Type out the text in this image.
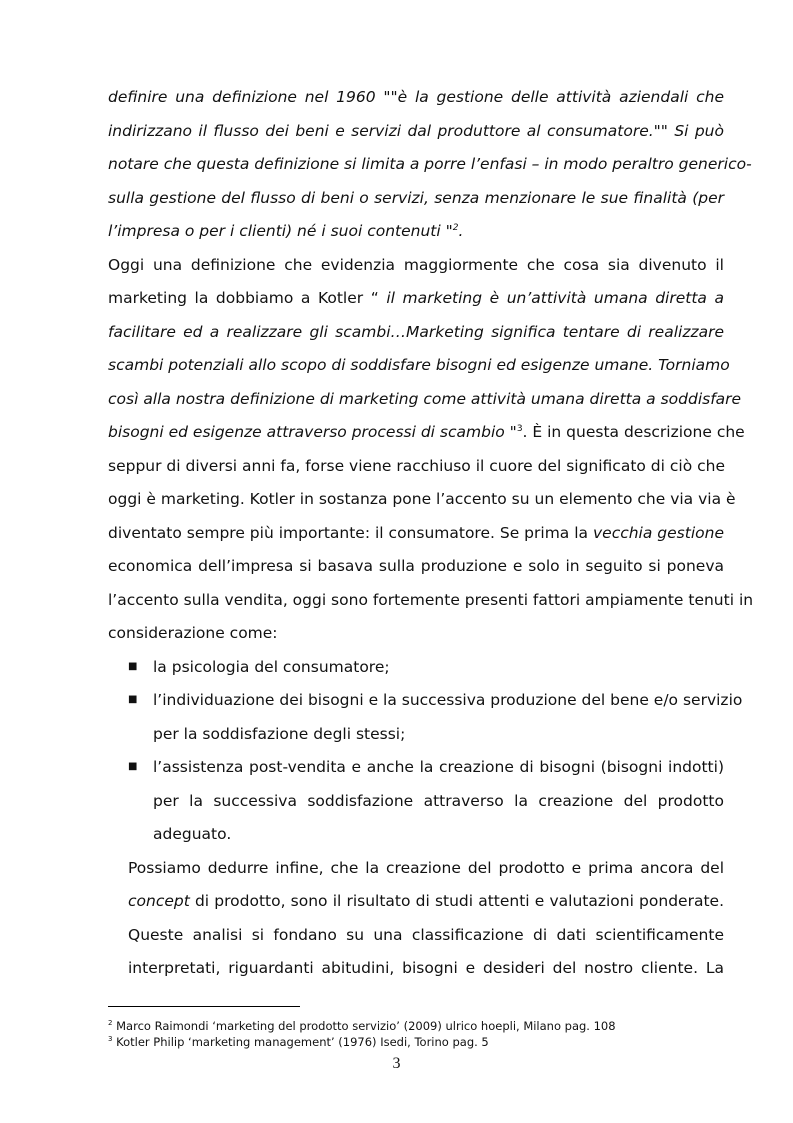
definire una definizione nel 1960 ""è la gestione delle attività aziendali che
indirizzano il flusso dei beni e servizi dal produttore al consumatore."" Si può
notare che questa definizione si limita a porre l’enfasi – in modo peraltro generico-
sulla gestione del flusso di beni o servizi, senza menzionare le sue finalità (per
l’impresa o per i clienti) né i suoi contenuti "$^2$.
Oggi una definizione che evidenzia maggiormente che cosa sia divenuto il
marketing la dobbiamo a Kotler “ il marketing è un’attività umana diretta a
facilitare ed a realizzare gli scambi…Marketing significa tentare di realizzare
scambi potenziali allo scopo di soddisfare bisogni ed esigenze umane. Torniamo
così alla nostra definizione di marketing come attività umana diretta a soddisfare
bisogni ed esigenze attraverso processi di scambio "$^3$. È in questa descrizione che
seppur di diversi anni fa, forse viene racchiuso il cuore del significato di ciò che
oggi è marketing. Kotler in sostanza pone l’accento su un elemento che via via è
diventato sempre più importante: il consumatore. Se prima la vecchia gestione
economica dell’impresa si basava sulla produzione e solo in seguito si poneva
l’accento sulla vendita, oggi sono fortemente presenti fattori ampiamente tenuti in
considerazione come:
■ la psicologia del consumatore;
■ l’individuazione dei bisogni e la successiva produzione del bene e/o servizio
per la soddisfazione degli stessi;
■ l’assistenza post-vendita e anche la creazione di bisogni (bisogni indotti)
per la successiva soddisfazione attraverso la creazione del prodotto
adeguato.
Possiamo dedurre infine, che la creazione del prodotto e prima ancora del
concept di prodotto, sono il risultato di studi attenti e valutazioni ponderate.
Queste analisi si fondano su una classificazione di dati scientificamente
interpretati, riguardanti abitudini, bisogni e desideri del nostro cliente. La
$^2$ Marco Raimondi ‘marketing del prodotto servizio’ (2009) ulrico hoepli, Milano pag. 108
$^3$ Kotler Philip ‘marketing management’ (1976) Isedi, Torino pag. 5
3
